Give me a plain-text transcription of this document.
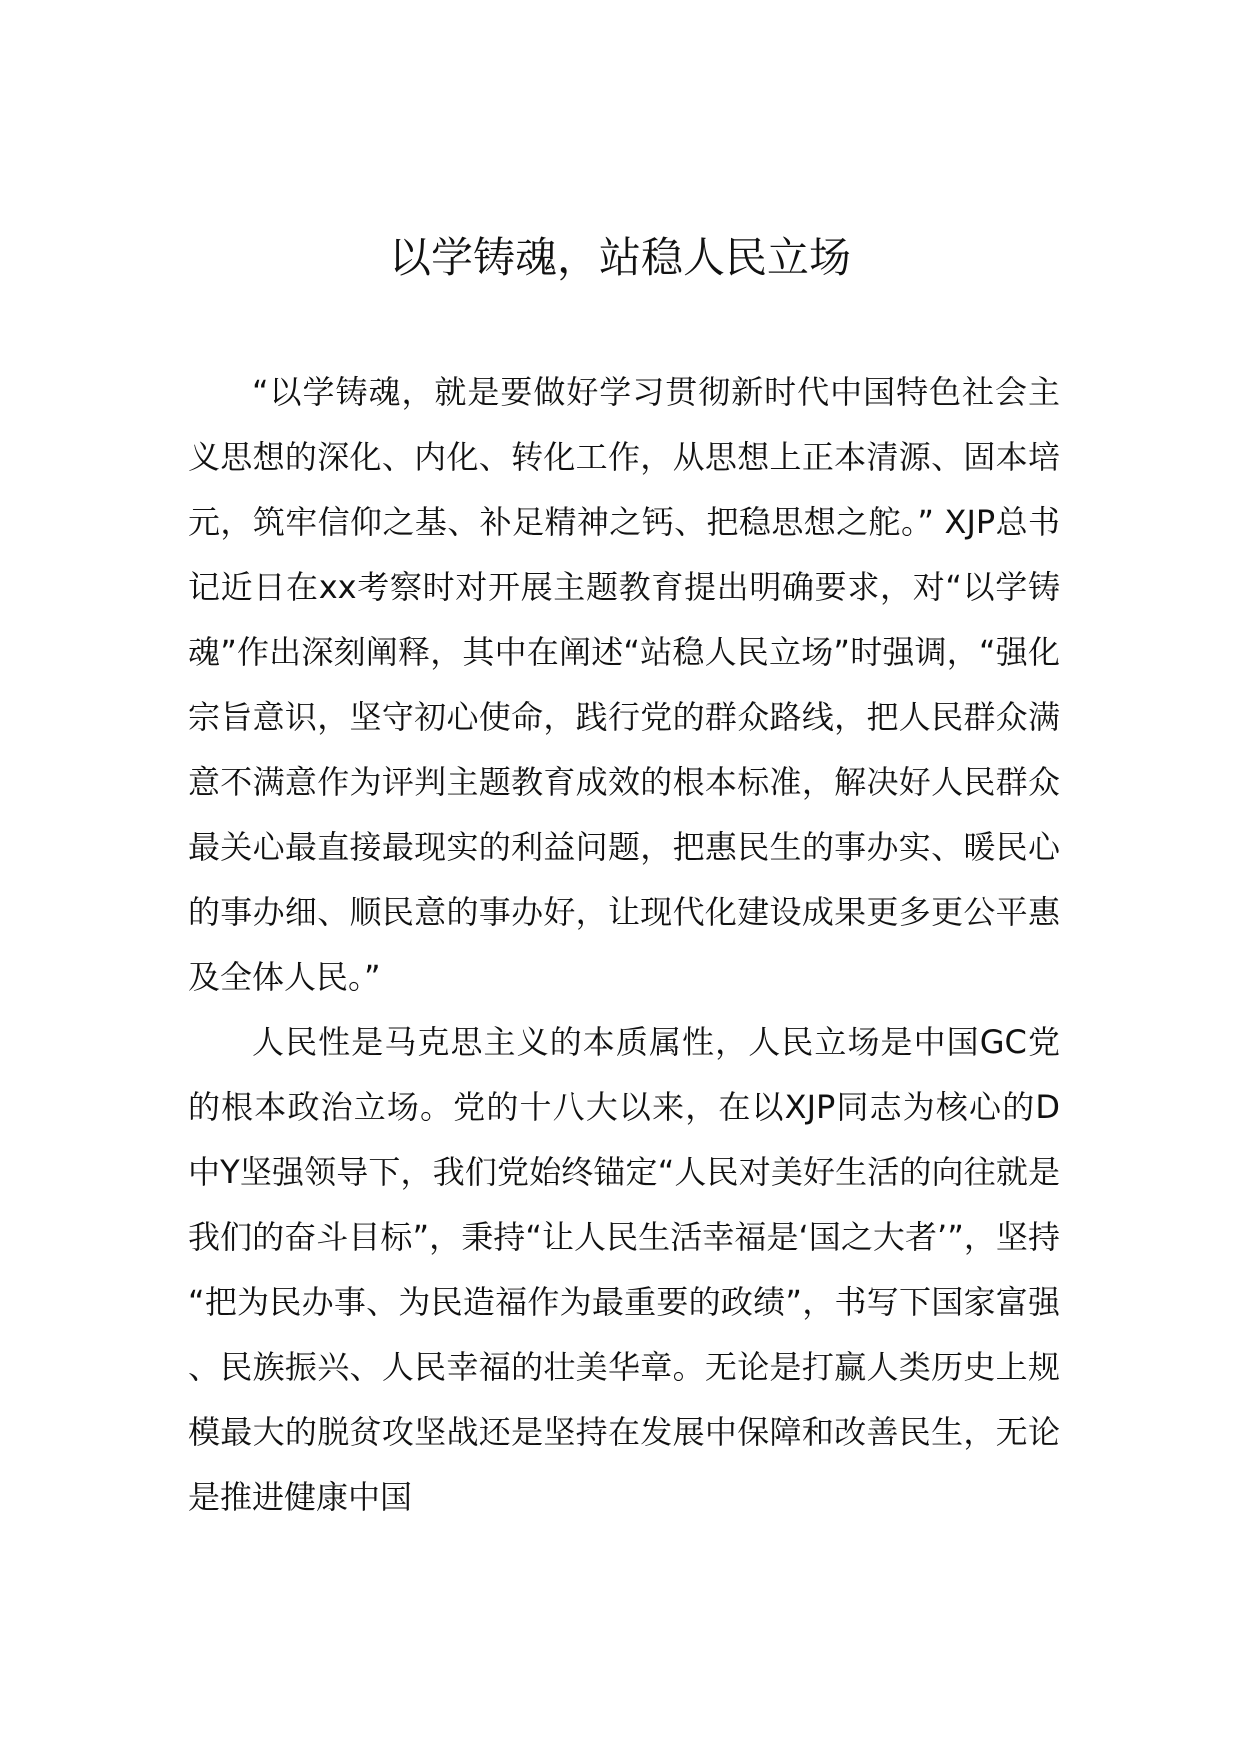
以学铸魂，站稳人民立场

“以学铸魂，就是要做好学习贯彻新时代中国特色社会主义思想的深化、内化、转化工作，从思想上正本清源、固本培元，筑牢信仰之基、补足精神之钙、把稳思想之舵。” XJP总书记近日在xx考察时对开展主题教育提出明确要求，对“以学铸魂”作出深刻阐释，其中在阐述“站稳人民立场”时强调，“强化宗旨意识，坚守初心使命，践行党的群众路线，把人民群众满意不满意作为评判主题教育成效的根本标准，解决好人民群众最关心最直接最现实的利益问题，把惠民生的事办实、暖民心的事办细、顺民意的事办好，让现代化建设成果更多更公平惠及全体人民。”

人民性是马克思主义的本质属性，人民立场是中国GC党的根本政治立场。党的十八大以来，在以XJP同志为核心的D中Y坚强领导下，我们党始终锚定“人民对美好生活的向往就是我们的奋斗目标”，秉持“让人民生活幸福是‘国之大者’”，坚持“把为民办事、为民造福作为最重要的政绩”，书写下国家富强、民族振兴、人民幸福的壮美华章。无论是打赢人类历史上规模最大的脱贫攻坚战还是坚持在发展中保障和改善民生，无论是推进健康中国
